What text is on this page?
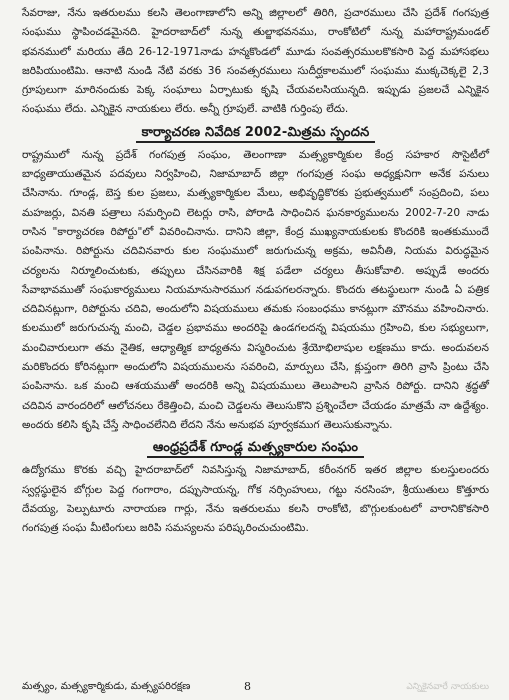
సేవరాజు, నేను ఇతరులము కలసి తెలంగాణాలోని అన్ని జిల్లాలలో తిరిగి, ప్రచారములు చేసి ప్రదేశ్ గంగపుత్ర సంఘము స్థాపించడమైనది. హైదరాబాద్‌లో నున్న తుల్జాభవనము, రాంకోటిలో నున్న మహారాష్ట్రమండల్ భవనములో మరియు తేది 26-12-1971నాడు హన్మకొండలో మూడు సంవత్సరములకొకసారి పెద్ద మహాసభలు జరిపియుంటిమి. ఆనాటి నుండి నేటి వరకు 36 సంవత్సరములు సుదీర్ఘకాలములో సంఘము ముక్కచెక్కలై 2,3 గ్రూపులుగా మారినందుకు పెక్క సంఘాలు ఏర్పాటుకు కృషి చేయవలసియున్నది. ఇప్పుడు ప్రజలచే ఎన్నికైన సంఘము లేదు. ఎన్నికైన నాయకులు లేరు. అన్నీ గ్రూపులే. వాటికి గుర్తింపు లేదు.

కార్యాచరణ నివేదిక 2002-మిత్రమ స్పందన

రాష్ట్రములో నున్న ప్రదేశ్ గంగపుత్ర సంఘం, తెలంగాణా మత్స్యకార్మికుల కేంద్ర సహకార సొసైటీలో బాధ్యతాయుతమైన పదవులు నిర్వహించి, నిజామాబాద్ జిల్లా గంగపుత్ర సంఘ అధ్యక్షునిగా అనేక పనులు చేసినాను. గూండ్ల, బెస్త కుల ప్రజలు, మత్స్యకార్మికుల మేలు, అభివృద్ధికొరకు ప్రభుత్వములో సంప్రదించి, పలు మహజర్లు, వినతి పత్రాలు సమర్పించి లెటర్లు రాసి, పోరాడి సాధించిన ఘనకార్యములను 2002-7-20 నాడు రాసిన "కార్యాచరణ రిపోర్టు"లో వివరించినాను. దానిని జిల్లా, కేంద్ర ముఖ్యనాయకులకు కొందరికి ఇంతకుముందే పంపినాను. రిపోర్టును చదివినవారు కుల సంఘములో జరుగుచున్న అక్రమ, అవినీతి, నియమ విరుద్ధమైన చర్యలను నిర్మూలించుటకు, తప్పులు చేసినవారికి శిక్ష పడేలా చర్యలు తీసుకోవాలి. అప్పుడే అందరు సేవాభావముతో సంఘకార్యములు నియమానుసారముగ నడుపగలరన్నారు. కొందరు తటస్థులుగా నుండి ఏ పత్రిక చదివినట్లుగా, రిపోర్టును చదివి, అందులోని విషయములు తమకు సంబంధము కానట్లుగా మౌనము వహించినారు. కులములో జరుగుచున్న మంచి, చెడ్డల ప్రభావము అందరిపై ఉండగలదన్న విషయము గ్రహించి, కుల సభ్యులుగా, మంచివారులుగా తమ నైతిక, ఆధ్యాత్మిక బాధ్యతను విస్మరించుట శ్రేయోభిలాషుల లక్షణము కాదు. అందువలన మరికొందరు కోరినట్లుగా అందులోని విషయములను సవరించి, మార్పులు చేసి, క్లుప్తంగా తిరిగి వ్రాసి ప్రింటు చేసి పంపినాను. ఒక మంచి ఆశయముతో అందరికి అన్ని విషయములు తెలుపాలని వ్రాసిన రిపోర్టు. దానిని శ్రద్ధతో చదివిన వారందరిలో ఆలోచనలు రేకెత్తించి, మంచి చెడ్డలను తెలుసుకొని ప్రశ్నించేలా చేయడం మాత్రమే నా ఉద్దేశ్యం. అందరు కలిసి కృషి చేస్తే సాధించలేనిది లేదని నేను అనుభవ పూర్వకముగ తెలుసుకున్నాను.

ఆంధ్రప్రదేశ్ గూండ్ల మత్స్యకారుల సంఘం

ఉద్యోగము కొరకు వచ్చి హైదరాబాద్‌లో నివసిస్తున్న నిజామాబాద్, కరీంనగర్ ఇతర జిల్లాల కులస్తులందరు స్వర్గస్థులైన బోగ్గుల పెద్ద గంగారాం, దప్పుసాయన్న, గోక నర్సింహులు, గట్టు నరసింహ, శ్రీయుతులు కొత్తూరు దేవయ్య, పెల్పుటూరు నారాయణ గార్లు, నేను ఇతరులము కలసి రాంకోటి, బొగ్గులకుంటలో వారానికొకసారి గంగపుత్ర సంఘ మీటింగులు జరిపి సమస్యలను పరిష్కరించుచుంటిమి.

మత్స్యం, మత్స్యకార్మికుడు, మత్స్యపరిరక్షణ	8	ఎన్నికైనవారే నాయకులు
